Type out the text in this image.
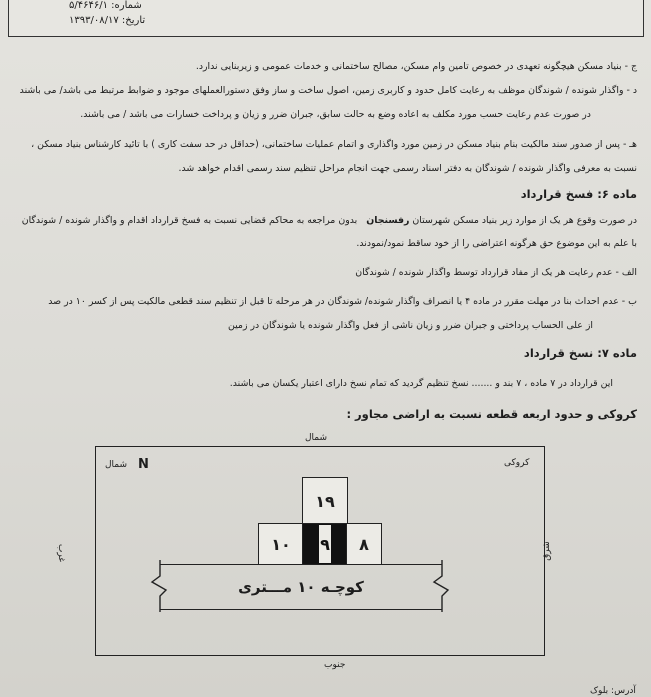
شماره: ۵/۴۶۴۶/۱
تاریخ: ۱۳۹۳/۰۸/۱۷
ج - بنیاد مسکن هیچگونه تعهدی در خصوص تامین وام مسکن، مصالح ساختمانی و خدمات عمومی و زیربنایی ندارد.
د - واگذار شونده / شوندگان موظف به رعایت کامل حدود و کاربری زمین، اصول ساخت و ساز وفق دستورالعملهای موجود و ضوابط مرتبط می باشد/ می باشند
در صورت عدم رعایت حسب مورد مکلف به اعاده وضع به حالت سابق، جبران ضرر و زیان و پرداخت خسارات می باشد / می باشند.
هـ - پس از صدور سند مالکیت بنام بنیاد مسکن در زمین مورد واگذاری و اتمام عملیات ساختمانی، (حداقل در حد سفت کاری ) با تائید کارشناس بنیاد مسکن ،
نسبت به معرفی واگذار شونده / شوندگان به دفتر اسناد رسمی جهت انجام مراحل تنظیم سند رسمی اقدام خواهد شد.
ماده ۶: فسخ قرارداد
در صورت وقوع هر یک از موارد زیر بنیاد مسکن شهرستان رفسنجان   بدون مراجعه به محاکم قضایی نسبت به فسخ قرارداد اقدام و واگذار شونده / شوندگان
با علم به این موضوع حق هرگونه اعتراضی را از خود ساقط نمود/نمودند.
الف - عدم رعایت هر یک از مفاد قرارداد توسط واگذار شونده / شوندگان
ب - عدم احداث بنا در مهلت مقرر در ماده ۴ یا انصراف واگذار شونده/ شوندگان در هر مرحله تا قبل از تنظیم سند قطعی مالکیت پس از کسر ۱۰ در صد
از علی الحساب پرداختی و جبران ضرر و زیان ناشی از فعل واگذار شونده یا شوندگان در زمین
ماده ۷: نسخ قرارداد
این قرارداد در ۷ ماده ، ۷ بند و ....... نسخ تنظیم گردید که تمام نسخ دارای اعتبار یکسان می باشند.
کروکی و حدود اربعه قطعه نسبت به اراضی مجاور :
شمال
شمال N	کروکی
غرب	شرق
۱۹
۱۰	۹	۸
کوچـه ۱۰ مـــتری
جنوب
آدرس: بلوک
